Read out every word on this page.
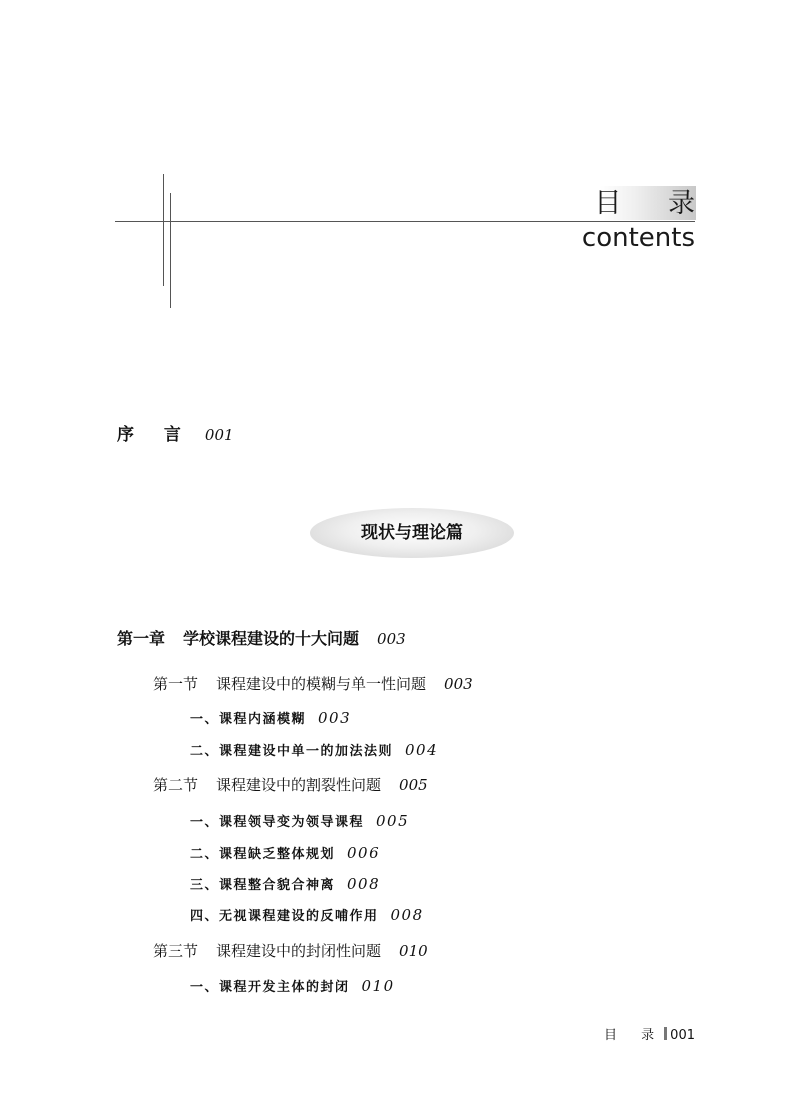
目 录
contents
序 言 001
现状与理论篇
第一章 学校课程建设的十大问题 003
第一节 课程建设中的模糊与单一性问题 003
一、课程内涵模糊 003
二、课程建设中单一的加法法则 004
第二节 课程建设中的割裂性问题 005
一、课程领导变为领导课程 005
二、课程缺乏整体规划 006
三、课程整合貌合神离 008
四、无视课程建设的反哺作用 008
第三节 课程建设中的封闭性问题 010
一、课程开发主体的封闭 010
目 录 001
